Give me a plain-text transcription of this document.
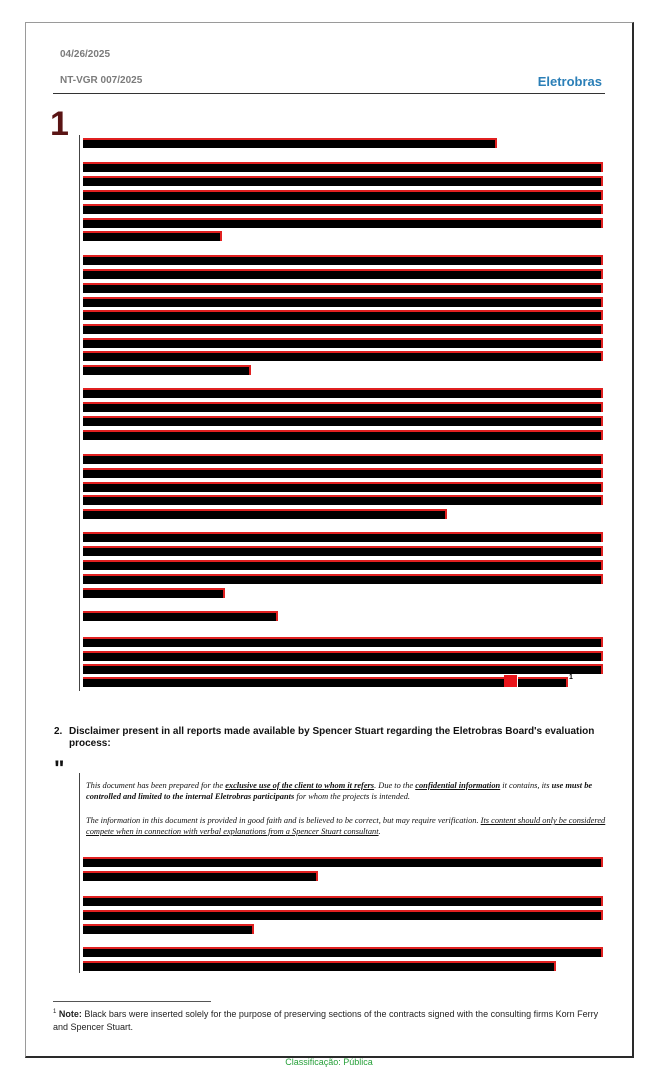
04/26/2025
NT-VGR 007/2025	Eletrobras
1
1
2. Disclaimer present in all reports made available by Spencer Stuart regarding the Eletrobras Board's evaluation process:
"
This document has been prepared for the exclusive use of the client to whom it refers. Due to the confidential information it contains, its use must be controlled and limited to the internal Eletrobras participants for whom the projects is intended.
The information in this document is provided in good faith and is believed to be correct, but may require verification. Its content should only be considered compete when in connection with verbal explanations from a Spencer Stuart consultant.
$^1$ Note: Black bars were inserted solely for the purpose of preserving sections of the contracts signed with the consulting firms Korn Ferry and Spencer Stuart.
Classificação: Pública
